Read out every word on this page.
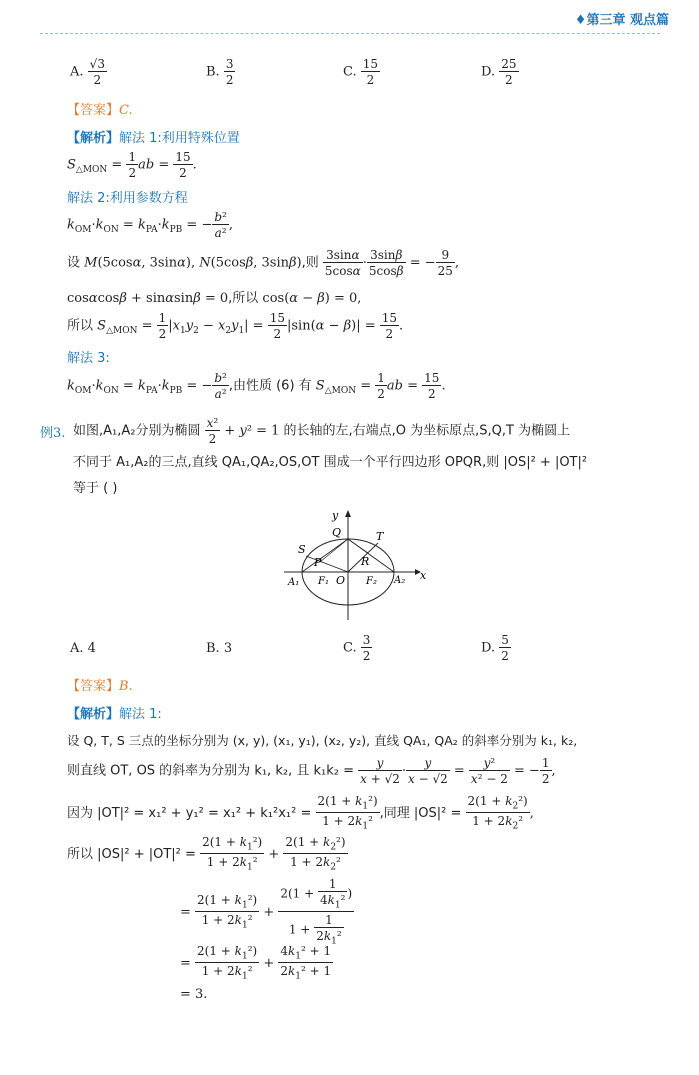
♦第三章 观点篇
A. $\frac{√3}{2}$	B. $\frac{3}{2}$	C. $\frac{15}{2}$	D. $\frac{25}{2}$
【答案】C.
【解析】解法 1:利用特殊位置
$S_{\triangle MON} = \frac{1}{2}$ ab = $\frac{15}{2}$ .
解法 2:利用参数方程
$k_{OM}\cdot k_{ON} = k_{PA}\cdot k_{PB}$ = − $\frac{\text{b²}}{\text{a²}}$ ,
设 M(5cosα, 3sinα), N(5cosβ, 3sinβ),则 $\frac{3\sin\alpha}{5\cos\alpha} \cdot \frac{3\sin\beta}{5\cos\beta}$ = − $\frac{9}{25}$ ,
cosαcosβ + sinαsinβ = 0,所以 cos(α − β) = 0,
所以 $S_{\triangle MON} = \frac{1}{2} |x_1y_2 - x_2y_1| = \frac{15}{2} |\sin(\alpha - \beta)| = \frac{15}{2}$ .
解法 3:
$k_{OM}\cdot k_{ON} = k_{PA}\cdot k_{PB}$ = − $\frac{\text{b²}}{\text{a²}}$ ,由性质 (6) 有 $S_{\triangle MON} = \frac{1}{2}$ ab = $\frac{15}{2}$ .
例3. 如图,A₁,A₂分别为椭圆 $\frac{\text{x²}}{2} + y^2 = 1$ 的长轴的左,右端点,O 为坐标原点,S,Q,T 为椭圆上
不同于 A₁,A₂的三点,直线 QA₁,QA₂,OS,OT 围成一个平行四边形 OPQR,则 |OS|² + |OT|²
等于 ( )
y
x
Q	T
S
P	R
O
F₁	F₂
A₁	A₂
A. 4	B. 3	C. $\frac{3}{2}$	D. $\frac{5}{2}$
【答案】B.
【解析】解法 1:
设 Q, T, S 三点的坐标分别为 (x, y), (x₁, y₁), (x₂, y₂), 直线 QA₁, QA₂ 的斜率分别为 k₁, k₂,
则直线 OT, OS 的斜率为分别为 k₁, k₂, 且 $k_1k_2 = \frac{y}{x + √2} \cdot \frac{y}{x - √2} = \frac{\text{y²}}{\text{x² − 2}}$ = − $\frac{1}{2}$ ,
因为 $|OT|^2 = x_1^2 + y_1^2 = x_1^2 + k_1^2x_1^2 = \frac{2(1 + k_1^2)}{1 + 2k_1^2}$ ,同理 $|OS|^2 = \frac{2(1 + k_2^2)}{1 + 2k_2^2}$ ,
所以 $|OS|^2 + |OT|^2 = \frac{2(1 + k_1^2)}{1 + 2k_1^2} + \frac{2(1 + k_2^2)}{1 + 2k_2^2}$
= $\frac{2(1 + k_1^2)}{1 + 2k_1^2} + \frac{2(1 + \frac{1}{4k_1^2} )}{1 + \frac{1}{2k_1^2}}$
= $\frac{2(1 + k_1^2)}{1 + 2k_1^2} + \frac{4k_1^2 + 1}{2k_1^2 + 1}$
= 3.
